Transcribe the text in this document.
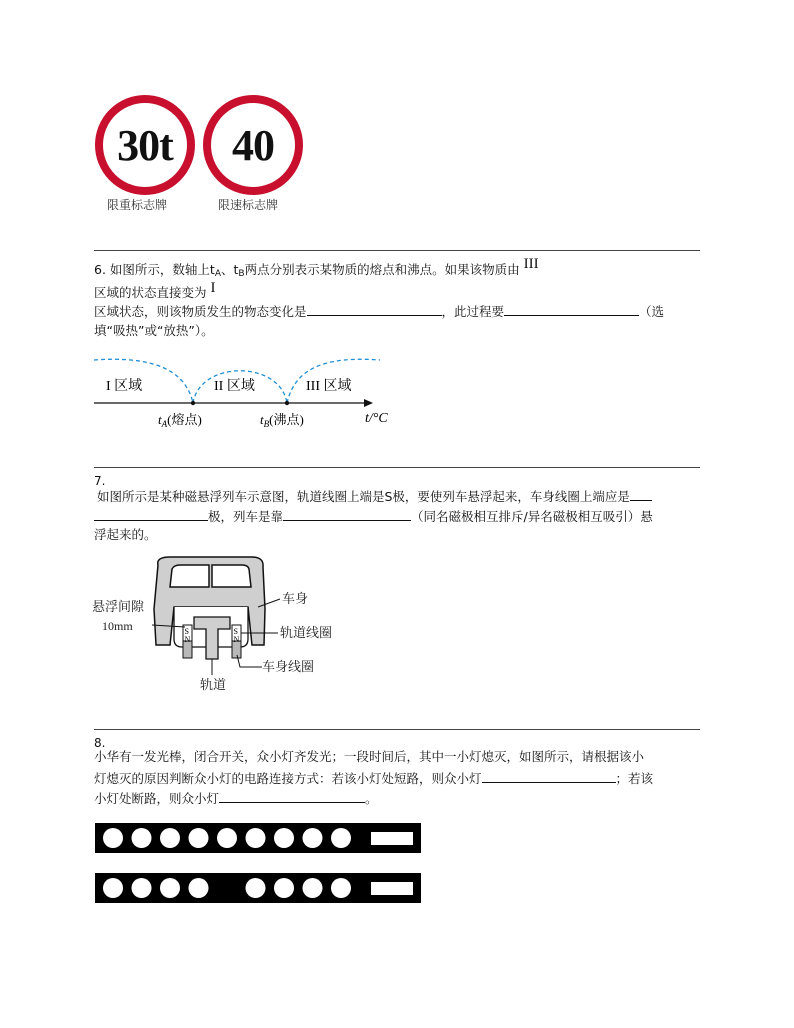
30t
限重标志牌
40
限速标志牌
6. 如图所示，数轴上$t_A$、$t_B$两点分别表示某物质的熔点和沸点。如果该物质由 III
区域的状态直接变为 I
区域状态，则该物质发生的物态变化是	，此过程要	（选
填“吸热”或“放热”）。
I 区域	II 区域	III 区域
$t_A$(熔点)	$t_B$(沸点)	t/°C
7.
如图所示是某种磁悬浮列车示意图，轨道线圈上端是S极，要使列车悬浮起来，车身线圈上端应是
极，列车是靠	（同名磁极相互排斥/异名磁极相互吸引）悬
浮起来的。
S
N
S
N
悬浮间隙
10mm
车身
轨道线圈
车身线圈
轨道
8.
小华有一发光棒，闭合开关，众小灯齐发光；一段时间后，其中一小灯熄灭，如图所示，请根据该小
灯熄灭的原因判断众小灯的电路连接方式：若该小灯处短路，则众小灯	；若该
小灯处断路，则众小灯	。
